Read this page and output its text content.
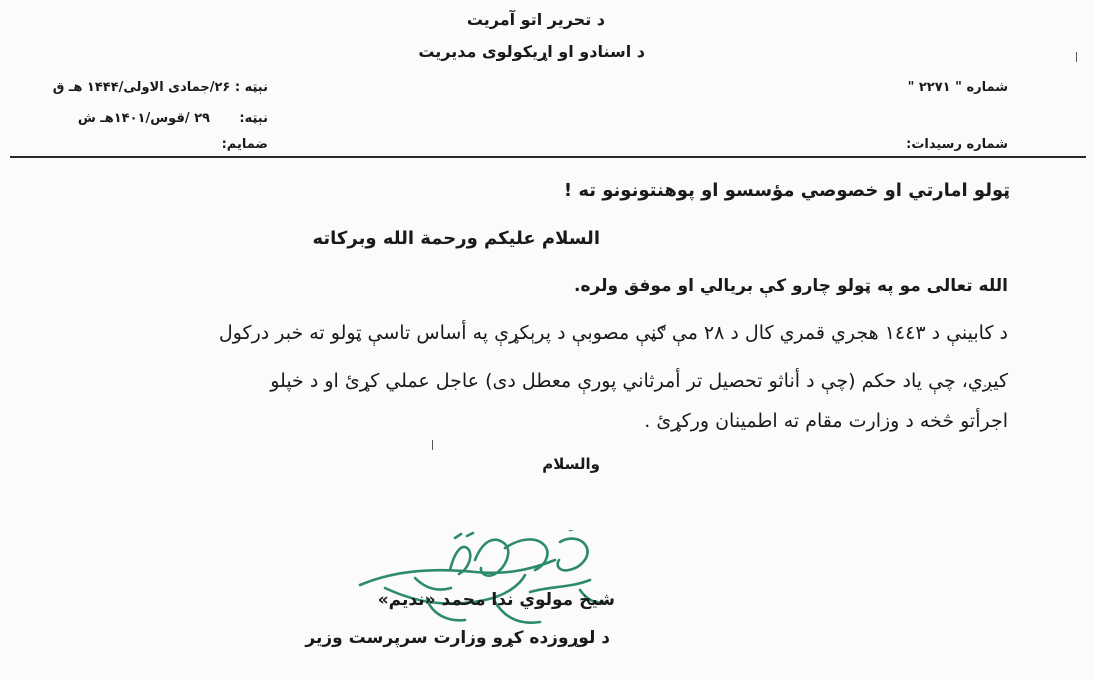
د تحریر اتو آمریت
د اسنادو او اړیکولوی مدیریت
شماره " ۲۲۷۱ "
شماره رسیدات:
نېټه : ۲۶/جمادی الاولی/۱۴۴۴ هـ ق
نېټه:
۲۹ /قوس/۱۴۰۱هـ ش
ضمایم:
ټولو امارتي او خصوصي مؤسسو او پوهنتونونو ته !
السلام علیکم ورحمة الله وبرکاته
الله تعالی مو په ټولو چارو کې بریالي او موفق ولره.
د کابینې د ۱٤٤۳ هجري قمري کال د ۲۸ مې ګڼې مصوبې د پرېکړې په أساس تاسې ټولو ته خبر درکول
کیږي، چې یاد حکم (چې د أناثو تحصیل تر أمرثاني پورې معطل دی) عاجل عملي کړئ او د خپلو
اجرأتو څخه د وزارت مقام ته اطمینان ورکړئ .
والسلام
شیخ مولوي ندا محمد «ندیم»
د لوړوزده کړو وزارت سرپرست وزیر
